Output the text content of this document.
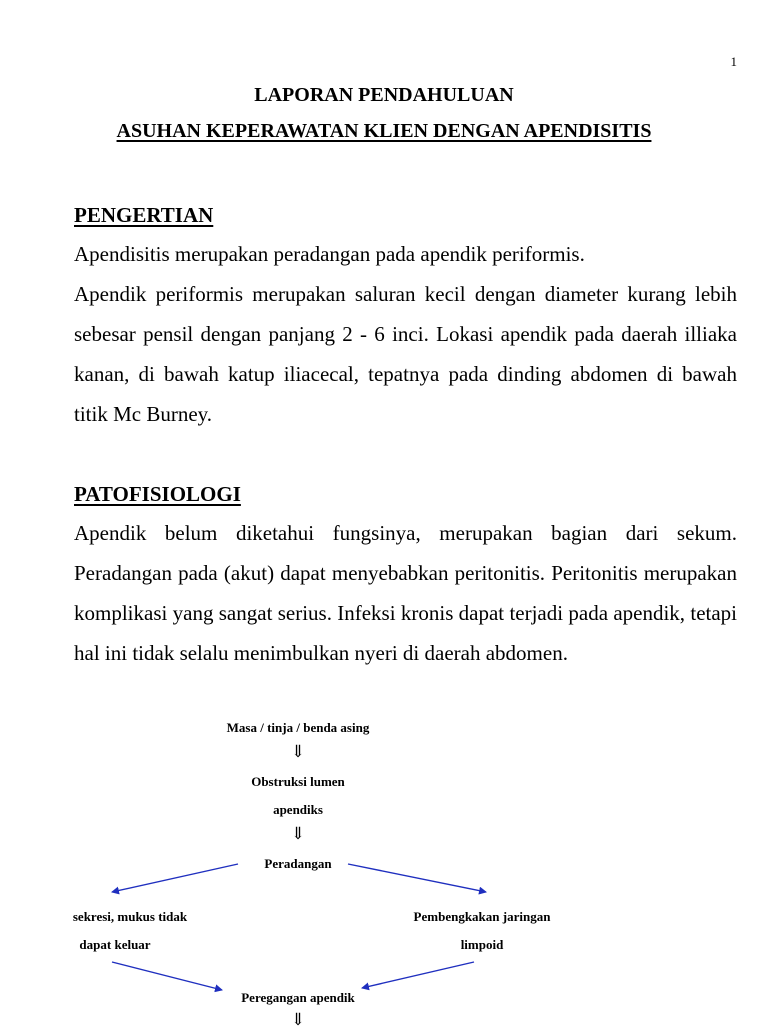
1
LAPORAN PENDAHULUAN
ASUHAN KEPERAWATAN KLIEN DENGAN APENDISITIS
PENGERTIAN
Apendisitis merupakan peradangan pada apendik periformis.
Apendik periformis merupakan saluran kecil dengan diameter kurang lebih sebesar pensil dengan panjang 2 - 6 inci. Lokasi apendik pada daerah illiaka kanan, di bawah katup iliacecal, tepatnya pada dinding abdomen di bawah titik Mc Burney.
PATOFISIOLOGI
Apendik belum diketahui fungsinya, merupakan bagian dari sekum. Peradangan pada (akut) dapat menyebabkan peritonitis. Peritonitis merupakan komplikasi yang sangat serius. Infeksi kronis dapat terjadi pada apendik, tetapi hal ini tidak selalu menimbulkan nyeri di daerah abdomen.
Masa / tinja / benda asing
⇓
Obstruksi lumen
apendiks
⇓
Peradangan
sekresi, mukus tidak
dapat keluar
Pembengkakan jaringan
limpoid
Peregangan apendik
⇓
